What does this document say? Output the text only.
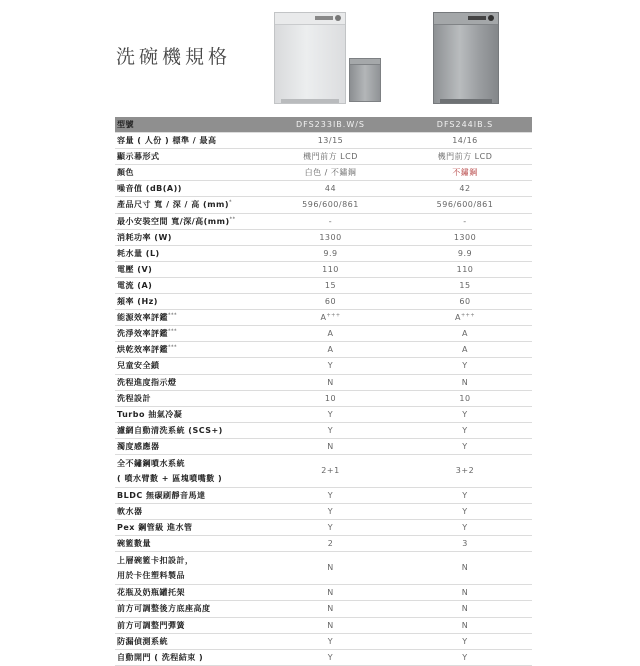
洗碗機規格
型號	DFS233IB.W/S	DFS244IB.S
容量 ( 人份 ) 標準 / 最高	13/15	14/16
顯示幕形式	機門前方 LCD	機門前方 LCD
顏色	白色 / 不鏽鋼	不鏽鋼
噪音值 (dB(A))	44	42
產品尺寸 寬 / 深 / 高 (mm)*	596/600/861	596/600/861
最小安裝空間 寬/深/高(mm)**	-	-
消耗功率 (W)	1300	1300
耗水量 (L)	9.9	9.9
電壓 (V)	110	110
電流 (A)	15	15
頻率 (Hz)	60	60
能源效率評鑑***	A+++	A+++
洗淨效率評鑑***	A	A
烘乾效率評鑑***	A	A
兒童安全鎖	Y	Y
洗程進度指示燈	N	N
洗程設計	10	10
Turbo 抽氣冷凝	Y	Y
濾網自動清洗系統 (SCS+)	Y	Y
濁度感應器	N	Y
全不鏽鋼噴水系統
( 噴水臂數 + 區塊噴嘴數 )	2+1	3+2
BLDC 無碳刷靜音馬達	Y	Y
軟水器	Y	Y
Pex 鋼管級 進水管	Y	Y
碗籃數量	2	3
上層碗籃卡扣設計，
用於卡住塑料製品	N	N
花瓶及奶瓶罐托架	N	N
前方可調整後方底座高度	N	N
前方可調整門彈簧	N	N
防漏偵測系統	Y	Y
自動開門 ( 洗程結束 )	Y	Y
